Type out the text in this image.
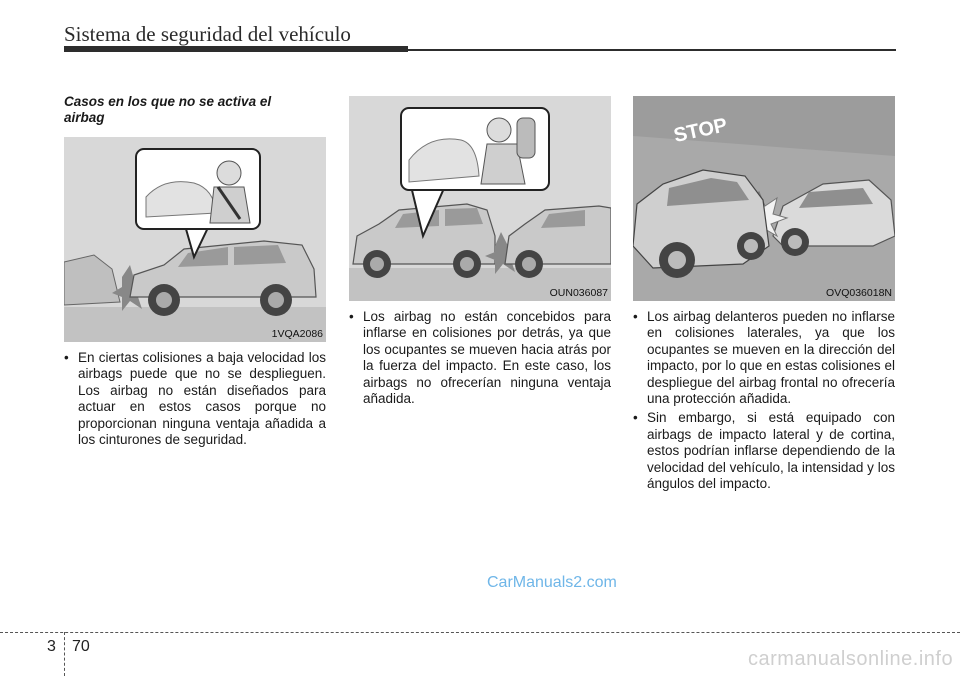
Sistema de seguridad del vehículo
Casos en los que no se activa el airbag
1VQA2086
OUN036087
STOP
OVQ036018N
• En ciertas colisiones a baja velocidad los airbags puede que no se desplieguen. Los airbag no están diseñados para actuar en estos casos porque no proporcionan ninguna ventaja añadida a los cinturones de seguridad.
• Los airbag no están concebidos para inflarse en colisiones por detrás, ya que los ocupantes se mueven hacia atrás por la fuerza del impacto. En este caso, los airbags no ofrecerían ninguna ventaja añadida.
• Los airbag delanteros pueden no inflarse en colisiones laterales, ya que los ocupantes se mueven en la dirección del impacto, por lo que en estas colisiones el despliegue del airbag frontal no ofrecería una protección añadida.
• Sin embargo, si está equipado con airbags de impacto lateral y de cortina, estos podrían inflarse dependiendo de la velocidad del vehículo, la intensidad y los ángulos del impacto.
CarManuals2.com
3 70
carmanualsonline.info
